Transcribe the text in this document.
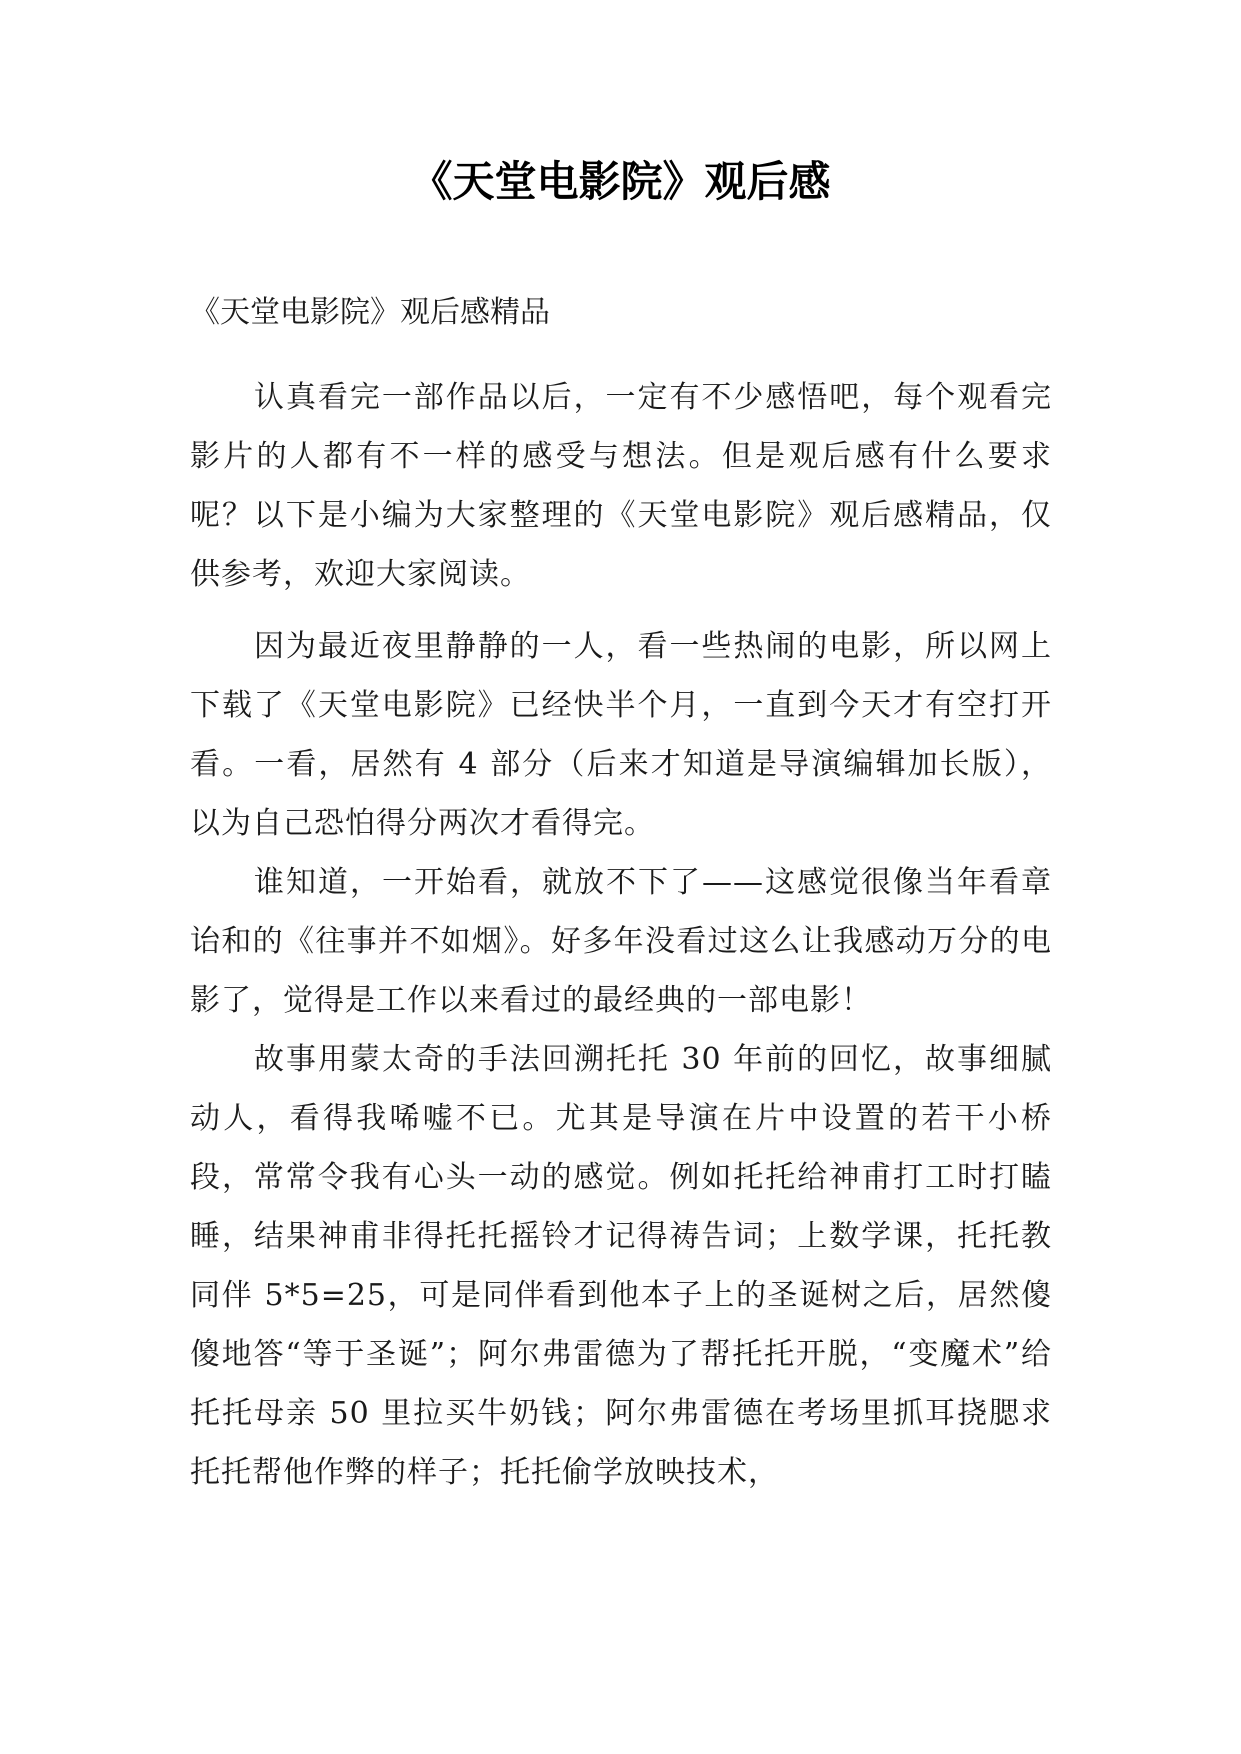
《天堂电影院》观后感

《天堂电影院》观后感精品

认真看完一部作品以后，一定有不少感悟吧，每个观看完影片的人都有不一样的感受与想法。但是观后感有什么要求呢？以下是小编为大家整理的《天堂电影院》观后感精品，仅供参考，欢迎大家阅读。

因为最近夜里静静的一人，看一些热闹的电影，所以网上下载了《天堂电影院》已经快半个月，一直到今天才有空打开看。一看，居然有 4 部分（后来才知道是导演编辑加长版），以为自己恐怕得分两次才看得完。

谁知道，一开始看，就放不下了——这感觉很像当年看章诒和的《往事并不如烟》。好多年没看过这么让我感动万分的电影了，觉得是工作以来看过的最经典的一部电影！

故事用蒙太奇的手法回溯托托 30 年前的回忆，故事细腻动人，看得我唏嘘不已。尤其是导演在片中设置的若干小桥段，常常令我有心头一动的感觉。例如托托给神甫打工时打瞌睡，结果神甫非得托托摇铃才记得祷告词；上数学课，托托教同伴 5*5=25，可是同伴看到他本子上的圣诞树之后，居然傻傻地答“等于圣诞”；阿尔弗雷德为了帮托托开脱，“变魔术”给托托母亲 50 里拉买牛奶钱；阿尔弗雷德在考场里抓耳挠腮求托托帮他作弊的样子；托托偷学放映技术，
